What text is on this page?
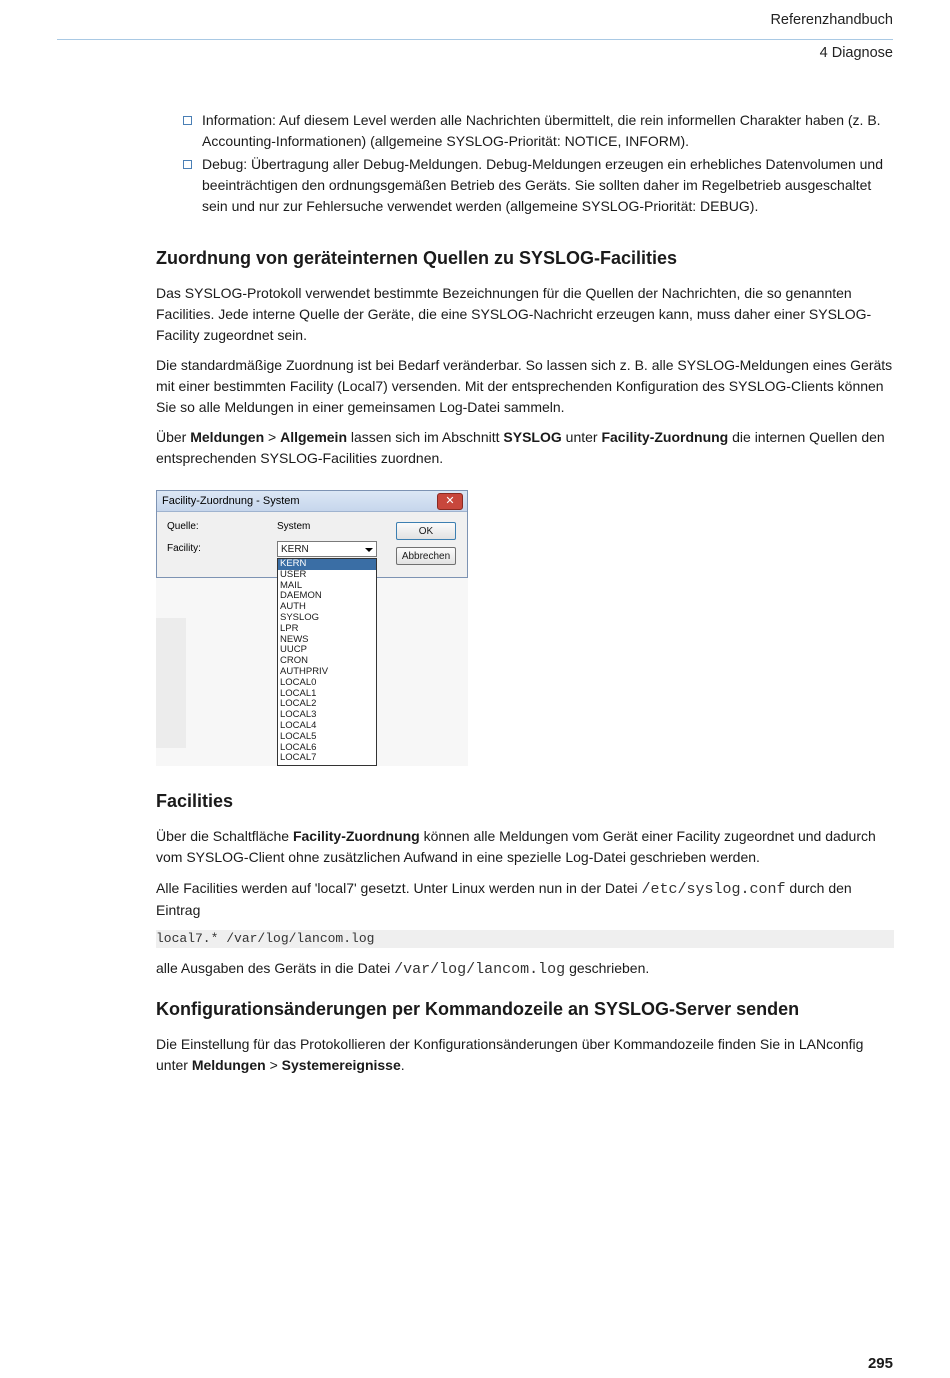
Referenzhandbuch
4 Diagnose
Information: Auf diesem Level werden alle Nachrichten übermittelt, die rein informellen Charakter haben (z. B. Accounting-Informationen) (allgemeine SYSLOG-Priorität: NOTICE, INFORM).
Debug: Übertragung aller Debug-Meldungen. Debug-Meldungen erzeugen ein erhebliches Datenvolumen und beeinträchtigen den ordnungsgemäßen Betrieb des Geräts. Sie sollten daher im Regelbetrieb ausgeschaltet sein und nur zur Fehlersuche verwendet werden (allgemeine SYSLOG-Priorität: DEBUG).
Zuordnung von geräteinternen Quellen zu SYSLOG-Facilities

Das SYSLOG-Protokoll verwendet bestimmte Bezeichnungen für die Quellen der Nachrichten, die so genannten Facilities. Jede interne Quelle der Geräte, die eine SYSLOG-Nachricht erzeugen kann, muss daher einer SYSLOG-Facility zugeordnet sein.

Die standardmäßige Zuordnung ist bei Bedarf veränderbar. So lassen sich z. B. alle SYSLOG-Meldungen eines Geräts mit einer bestimmten Facility (Local7) versenden. Mit der entsprechenden Konfiguration des SYSLOG-Clients können Sie so alle Meldungen in einer gemeinsamen Log-Datei sammeln.

Über Meldungen > Allgemein lassen sich im Abschnitt SYSLOG unter Facility-Zuordnung die internen Quellen den entsprechenden SYSLOG-Facilities zuordnen.

Facility-Zuordnung - System	✕
Quelle:	System
Facility:	KERN
OK
Abbrechen
KERN
USER
MAIL
DAEMON
AUTH
SYSLOG
LPR
NEWS
UUCP
CRON
AUTHPRIV
LOCAL0
LOCAL1
LOCAL2
LOCAL3
LOCAL4
LOCAL5
LOCAL6
LOCAL7
Facilities

Über die Schaltfläche Facility-Zuordnung können alle Meldungen vom Gerät einer Facility zugeordnet und dadurch vom SYSLOG-Client ohne zusätzlichen Aufwand in eine spezielle Log-Datei geschrieben werden.

Alle Facilities werden auf 'local7' gesetzt. Unter Linux werden nun in der Datei /etc/syslog.conf durch den Eintrag

local7.* /var/log/lancom.log

alle Ausgaben des Geräts in die Datei /var/log/lancom.log geschrieben.

Konfigurationsänderungen per Kommandozeile an SYSLOG-Server senden

Die Einstellung für das Protokollieren der Konfigurationsänderungen über Kommandozeile finden Sie in LANconfig unter Meldungen > Systemereignisse.

295
